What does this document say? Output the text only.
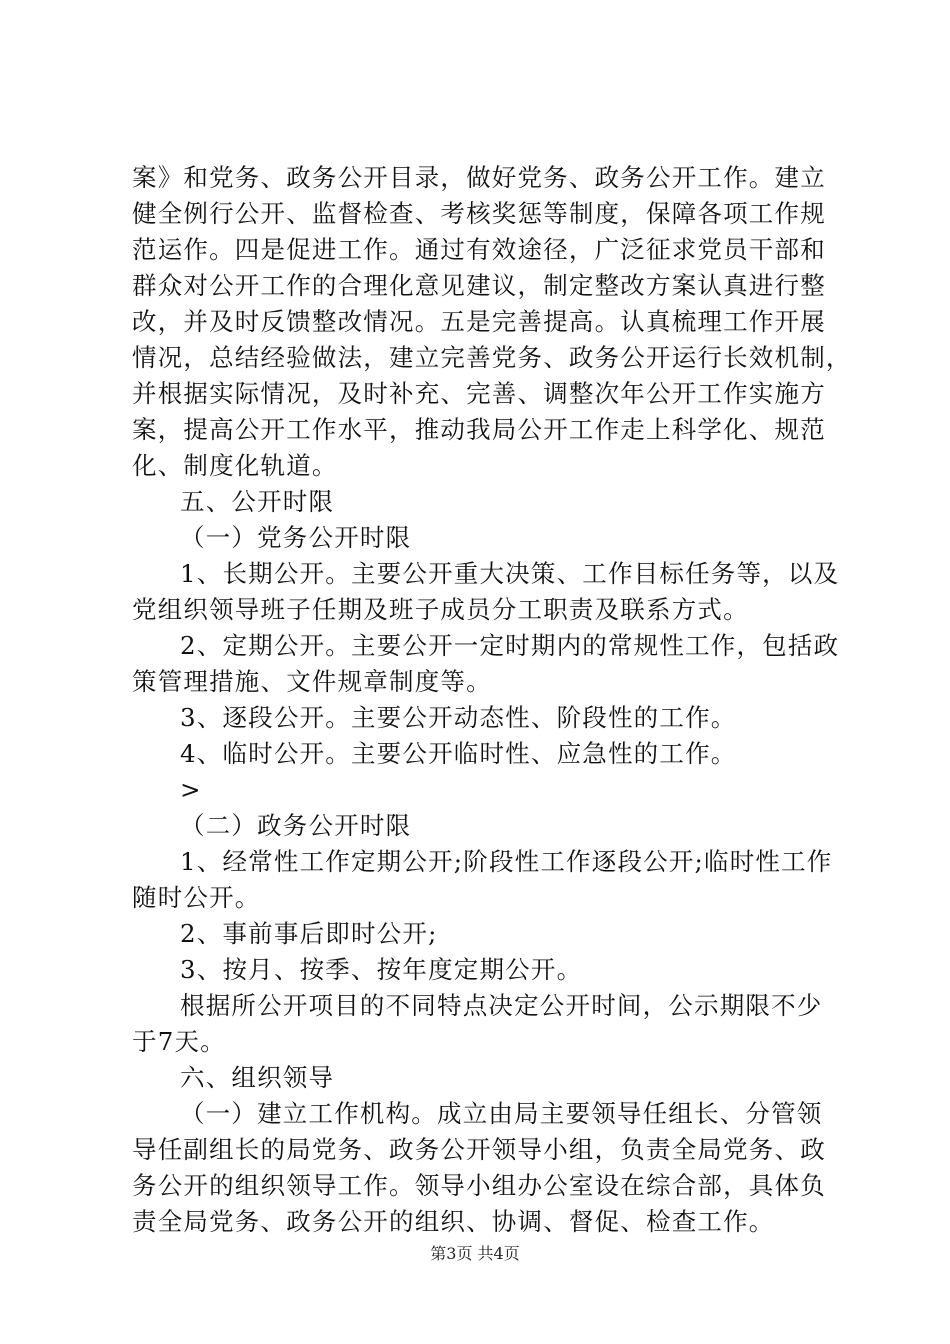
案》和党务、政务公开目录，做好党务、政务公开工作。建立
健全例行公开、监督检查、考核奖惩等制度，保障各项工作规
范运作。四是促进工作。通过有效途径，广泛征求党员干部和
群众对公开工作的合理化意见建议，制定整改方案认真进行整
改，并及时反馈整改情况。五是完善提高。认真梳理工作开展
情况，总结经验做法，建立完善党务、政务公开运行长效机制，
并根据实际情况，及时补充、完善、调整次年公开工作实施方
案，提高公开工作水平，推动我局公开工作走上科学化、规范
化、制度化轨道。
五、公开时限
（一）党务公开时限
1、长期公开。主要公开重大决策、工作目标任务等，以及
党组织领导班子任期及班子成员分工职责及联系方式。
2、定期公开。主要公开一定时期内的常规性工作，包括政
策管理措施、文件规章制度等。
3、逐段公开。主要公开动态性、阶段性的工作。
4、临时公开。主要公开临时性、应急性的工作。
>
（二）政务公开时限
1、经常性工作定期公开;阶段性工作逐段公开;临时性工作
随时公开。
2、事前事后即时公开;
3、按月、按季、按年度定期公开。
根据所公开项目的不同特点决定公开时间，公示期限不少
于7天。
六、组织领导
（一）建立工作机构。成立由局主要领导任组长、分管领
导任副组长的局党务、政务公开领导小组，负责全局党务、政
务公开的组织领导工作。领导小组办公室设在综合部，具体负
责全局党务、政务公开的组织、协调、督促、检查工作。
第3页 共4页
